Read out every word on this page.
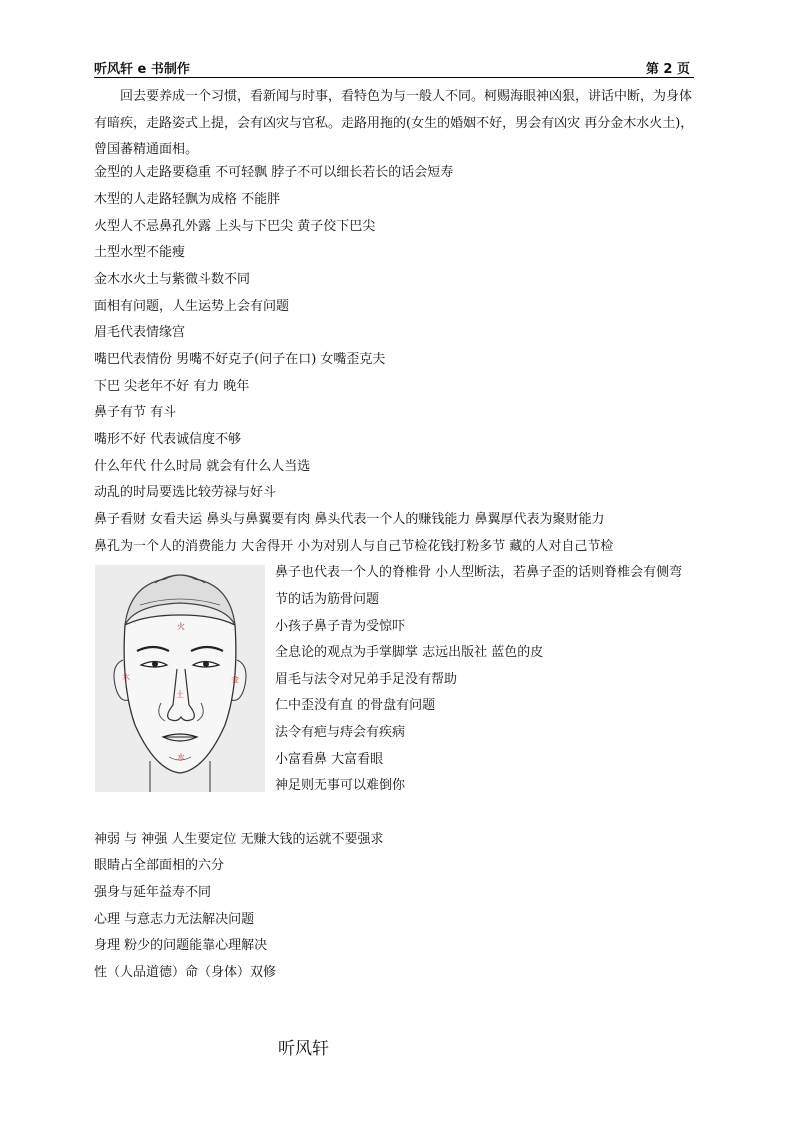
听风轩 e 书制作	第 2 页

回去要养成一个习惯，看新闻与时事，看特色为与一般人不同。柯赐海眼神凶狠，讲话中断，为身体有暗疾，走路姿式上提，会有凶灾与官私。走路用拖的(女生的婚姻不好，男会有凶灾 再分金木水火土)，曾国蕃精通面相。

金型的人走路要稳重 不可轻飘 脖子不可以细长若长的话会短寿
木型的人走路轻飘为成格 不能胖
火型人不忌鼻孔外露 上头与下巴尖 黄子佼下巴尖
土型水型不能瘦
金木水火土与紫微斗数不同
面相有问题，人生运势上会有问题
眉毛代表情缘宫
嘴巴代表情份 男嘴不好克子(问子在口) 女嘴歪克夫
下巴 尖老年不好 有力 晚年
鼻子有节 有斗
嘴形不好 代表诚信度不够
什么年代 什么时局 就会有什么人当选
动乱的时局要选比较劳禄与好斗
鼻子看财 女看夫运 鼻头与鼻翼要有肉 鼻头代表一个人的赚钱能力 鼻翼厚代表为聚财能力
鼻孔为一个人的消费能力 大舍得开 小为对别人与自己节检花钱打粉多节 藏的人对自己节检
火
木	金
土
水
鼻子也代表一个人的脊椎骨 小人型断法，若鼻子歪的话则脊椎会有侧弯
节的话为筋骨问题
小孩子鼻子青为受惊吓
全息论的观点为手掌脚掌 志远出版社 蓝色的皮
眉毛与法令对兄弟手足没有帮助
仁中歪没有直 的骨盘有问题
法令有疤与痔会有疾病
小富看鼻 大富看眼
神足则无事可以难倒你
神弱 与 神强 人生要定位 无赚大钱的运就不要强求
眼睛占全部面相的六分
强身与延年益寿不同
心理 与意志力无法解决问题
身理 粉少的问题能靠心理解决
性（人品道德）命（身体）双修
听风轩
